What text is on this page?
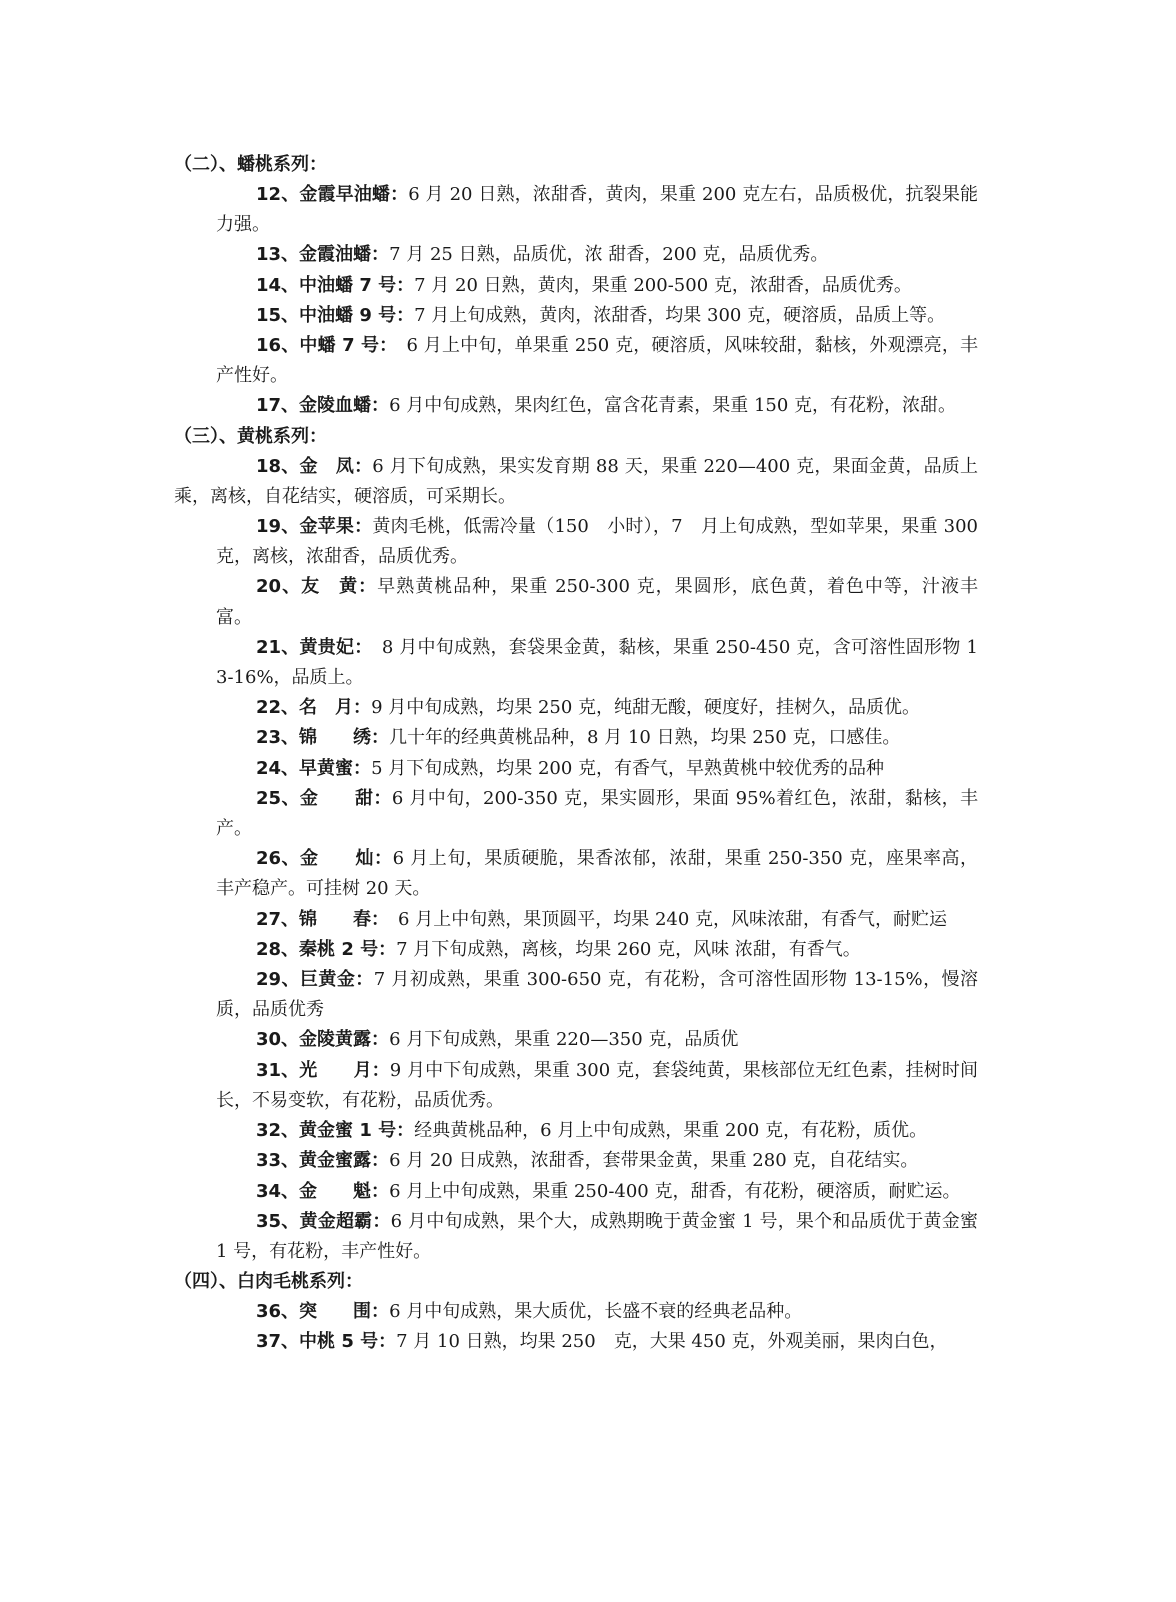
（二）、蟠桃系列：

12、金霞早油蟠：6 月 20 日熟，浓甜香，黄肉，果重 200 克左右，品质极优，抗裂果能力强。

13、金霞油蟠：7 月 25 日熟，品质优，浓 甜香，200 克，品质优秀。

14、中油蟠 7 号：7 月 20 日熟，黄肉，果重 200-500 克，浓甜香，品质优秀。

15、中油蟠 9 号：7 月上旬成熟，黄肉，浓甜香，均果 300 克，硬溶质，品质上等。

16、中蟠 7 号：　6 月上中旬，单果重 250 克，硬溶质，风味较甜，黏核，外观漂亮，丰产性好。

17、金陵血蟠：6 月中旬成熟，果肉红色，富含花青素，果重 150 克，有花粉，浓甜。

（三）、黄桃系列：

18、金　凤：6 月下旬成熟，果实发育期 88 天，果重 220—400 克，果面金黄，品质上乘，离核，自花结实，硬溶质，可采期长。

19、金苹果：黄肉毛桃，低需冷量（150　小时），7　月上旬成熟，型如苹果，果重 300 克，离核，浓甜香，品质优秀。

20、友　黄：早熟黄桃品种，果重 250-300 克，果圆形，底色黄，着色中等，汁液丰富。

21、黄贵妃：　8 月中旬成熟，套袋果金黄，黏核，果重 250-450 克，含可溶性固形物 13-16%，品质上。

22、名　月：9 月中旬成熟，均果 250 克，纯甜无酸，硬度好，挂树久，品质优。

23、锦　　绣：几十年的经典黄桃品种，8 月 10 日熟，均果 250 克，口感佳。

24、早黄蜜：5 月下旬成熟，均果 200 克，有香气，早熟黄桃中较优秀的品种

25、金　　甜：6 月中旬，200-350 克，果实圆形，果面 95%着红色，浓甜，黏核，丰产。

26、金　　灿：6 月上旬，果质硬脆，果香浓郁，浓甜，果重 250-350 克，座果率高，丰产稳产。可挂树 20 天。

27、锦　　春：　6 月上中旬熟，果顶圆平，均果 240 克，风味浓甜，有香气，耐贮运

28、秦桃 2 号：7 月下旬成熟，离核，均果 260 克，风味 浓甜，有香气。

29、巨黄金：7 月初成熟，果重 300-650 克，有花粉，含可溶性固形物 13-15%，慢溶质，品质优秀

30、金陵黄露：6 月下旬成熟，果重 220—350 克，品质优

31、光　　月：9 月中下旬成熟，果重 300 克，套袋纯黄，果核部位无红色素，挂树时间长，不易变软，有花粉，品质优秀。

32、黄金蜜 1 号：经典黄桃品种，6 月上中旬成熟，果重 200 克，有花粉，质优。

33、黄金蜜露：6 月 20 日成熟，浓甜香，套带果金黄，果重 280 克，自花结实。

34、金　　魁：6 月上中旬成熟，果重 250-400 克，甜香，有花粉，硬溶质，耐贮运。

35、黄金超霸：6 月中旬成熟，果个大，成熟期晚于黄金蜜 1 号，果个和品质优于黄金蜜 1 号，有花粉，丰产性好。

（四）、白肉毛桃系列：

36、突　　围：6 月中旬成熟，果大质优，长盛不衰的经典老品种。

37、中桃 5 号：7 月 10 日熟，均果 250　克，大果 450 克，外观美丽，果肉白色，
